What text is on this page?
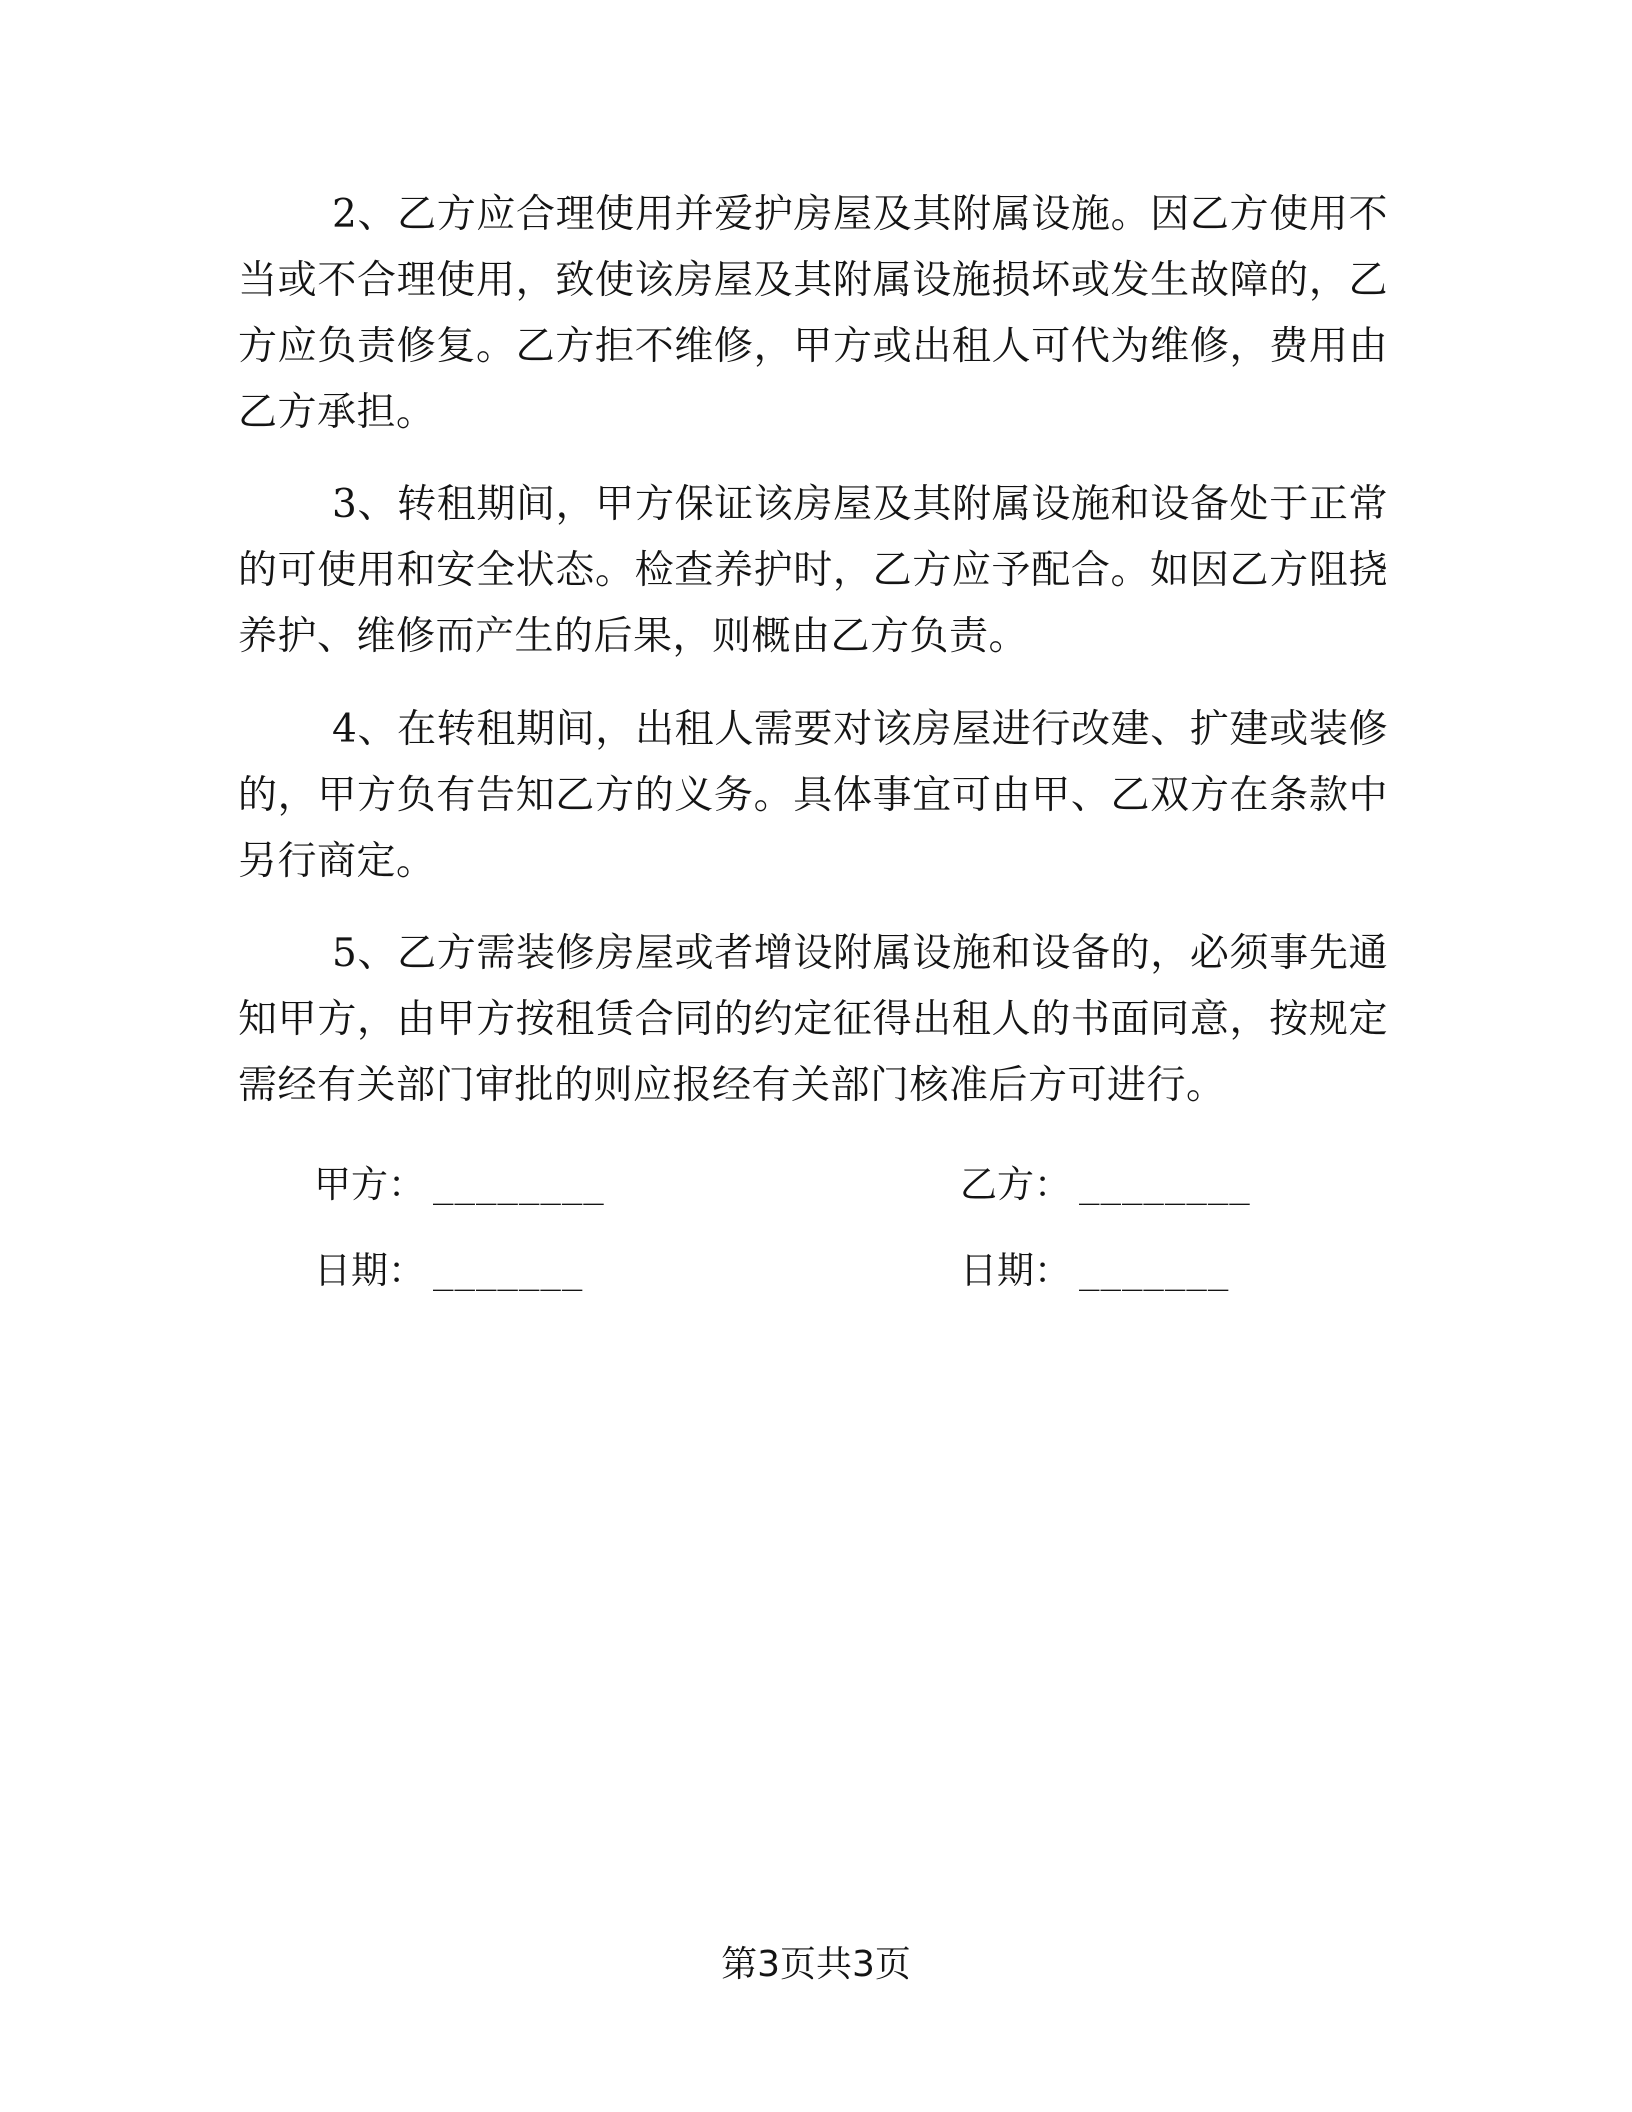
2、乙方应合理使用并爱护房屋及其附属设施。因乙方使用不当或不合理使用，致使该房屋及其附属设施损坏或发生故障的，乙方应负责修复。乙方拒不维修，甲方或出租人可代为维修，费用由乙方承担。

3、转租期间，甲方保证该房屋及其附属设施和设备处于正常的可使用和安全状态。检查养护时，乙方应予配合。如因乙方阻挠养护、维修而产生的后果，则概由乙方负责。

4、在转租期间，出租人需要对该房屋进行改建、扩建或装修的，甲方负有告知乙方的义务。具体事宜可由甲、乙双方在条款中另行商定。

5、乙方需装修房屋或者增设附属设施和设备的，必须事先通知甲方，由甲方按租赁合同的约定征得出租人的书面同意，按规定需经有关部门审批的则应报经有关部门核准后方可进行。

甲方： ________	乙方： ________
日期： _______	日期： _______
第3页共3页
